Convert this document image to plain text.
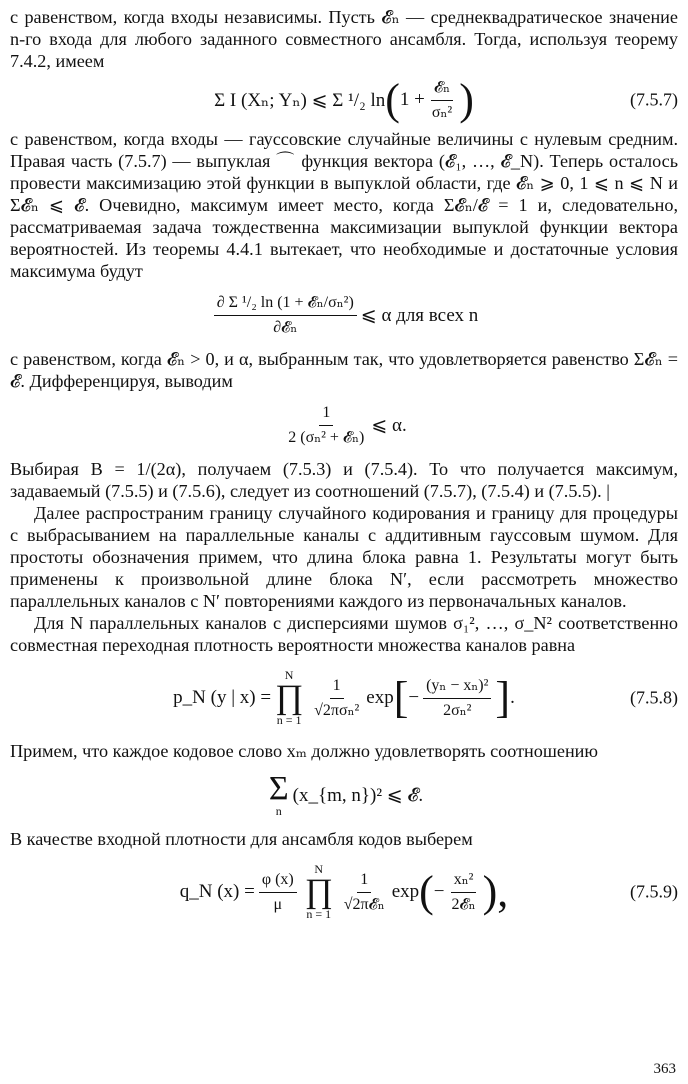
с равенством, когда входы независимы. Пусть 𝓔ₙ — среднеквадратическое значение n-го входа для любого заданного совместного ансамбля. Тогда, используя теорему 7.4.2, имеем

Σ I (Xₙ; Yₙ) ⩽ Σ ¹/₂ ln ( $1 + \frac{\text{𝓔ₙ}}{\text{σₙ²}}$ )	(7.5.7)

с равенством, когда входы — гауссовские случайные величины с нулевым средним. Правая часть (7.5.7) — выпуклая ⌒ функция вектора (𝓔₁, …, 𝓔_N). Теперь осталось провести максимизацию этой функции в выпуклой области, где 𝓔ₙ ⩾ 0, 1 ⩽ n ⩽ N и Σ𝓔ₙ ⩽ 𝓔. Очевидно, максимум имеет место, когда Σ𝓔ₙ/𝓔 = 1 и, следовательно, рассматриваемая задача тождественна максимизации выпуклой функции вектора вероятностей. Из теоремы 4.4.1 вытекает, что необходимые и достаточные условия максимума будут

$\frac{\text{∂ Σ ¹/₂ ln (1 + 𝓔ₙ/σₙ²)}}{\text{∂𝓔ₙ}}$ ⩽ α для всех n

с равенством, когда 𝓔ₙ > 0, и α, выбранным так, что удовлетворяется равенство Σ𝓔ₙ = 𝓔. Дифференцируя, выводим

$\frac{1}{\text{2 (σₙ² + 𝓔ₙ)}}$ ⩽ α.

Выбирая B = 1/(2α), получаем (7.5.3) и (7.5.4). То что получается максимум, задаваемый (7.5.5) и (7.5.6), следует из соотношений (7.5.7), (7.5.4) и (7.5.5). |

Далее распространим границу случайного кодирования и границу для процедуры с выбрасыванием на параллельные каналы с аддитивным гауссовым шумом. Для простоты обозначения примем, что длина блока равна 1. Результаты могут быть применены к произвольной длине блока N′, если рассмотреть множество параллельных каналов с N′ повторениями каждого из первоначальных каналов.

Для N параллельных каналов с дисперсиями шумов σ₁², …, σ_N² соответственно совместная переходная плотность вероятности множества каналов равна

p_N (y | x) =
N
∏
$n = 1 \frac{1}{\text{√2πσₙ²}}$ exp [ − $\frac{\text{(yₙ − xₙ)²}}{\text{2σₙ²}}$ ] .	(7.5.8)

Примем, что каждое кодовое слово xₘ должно удовлетворять соотношению

Σ
n
(x_{m, n})² ⩽ 𝓔.

В качестве входной плотности для ансамбля кодов выберем

q_N $(x) = \frac{\varphi (x)}{\mu}$ N
∏
$n = 1 \frac{1}{\text{√2π𝓔ₙ}}$ exp ( − $\frac{\text{xₙ²}}{\text{2𝓔ₙ}}$ ),	(7.5.9)
363
